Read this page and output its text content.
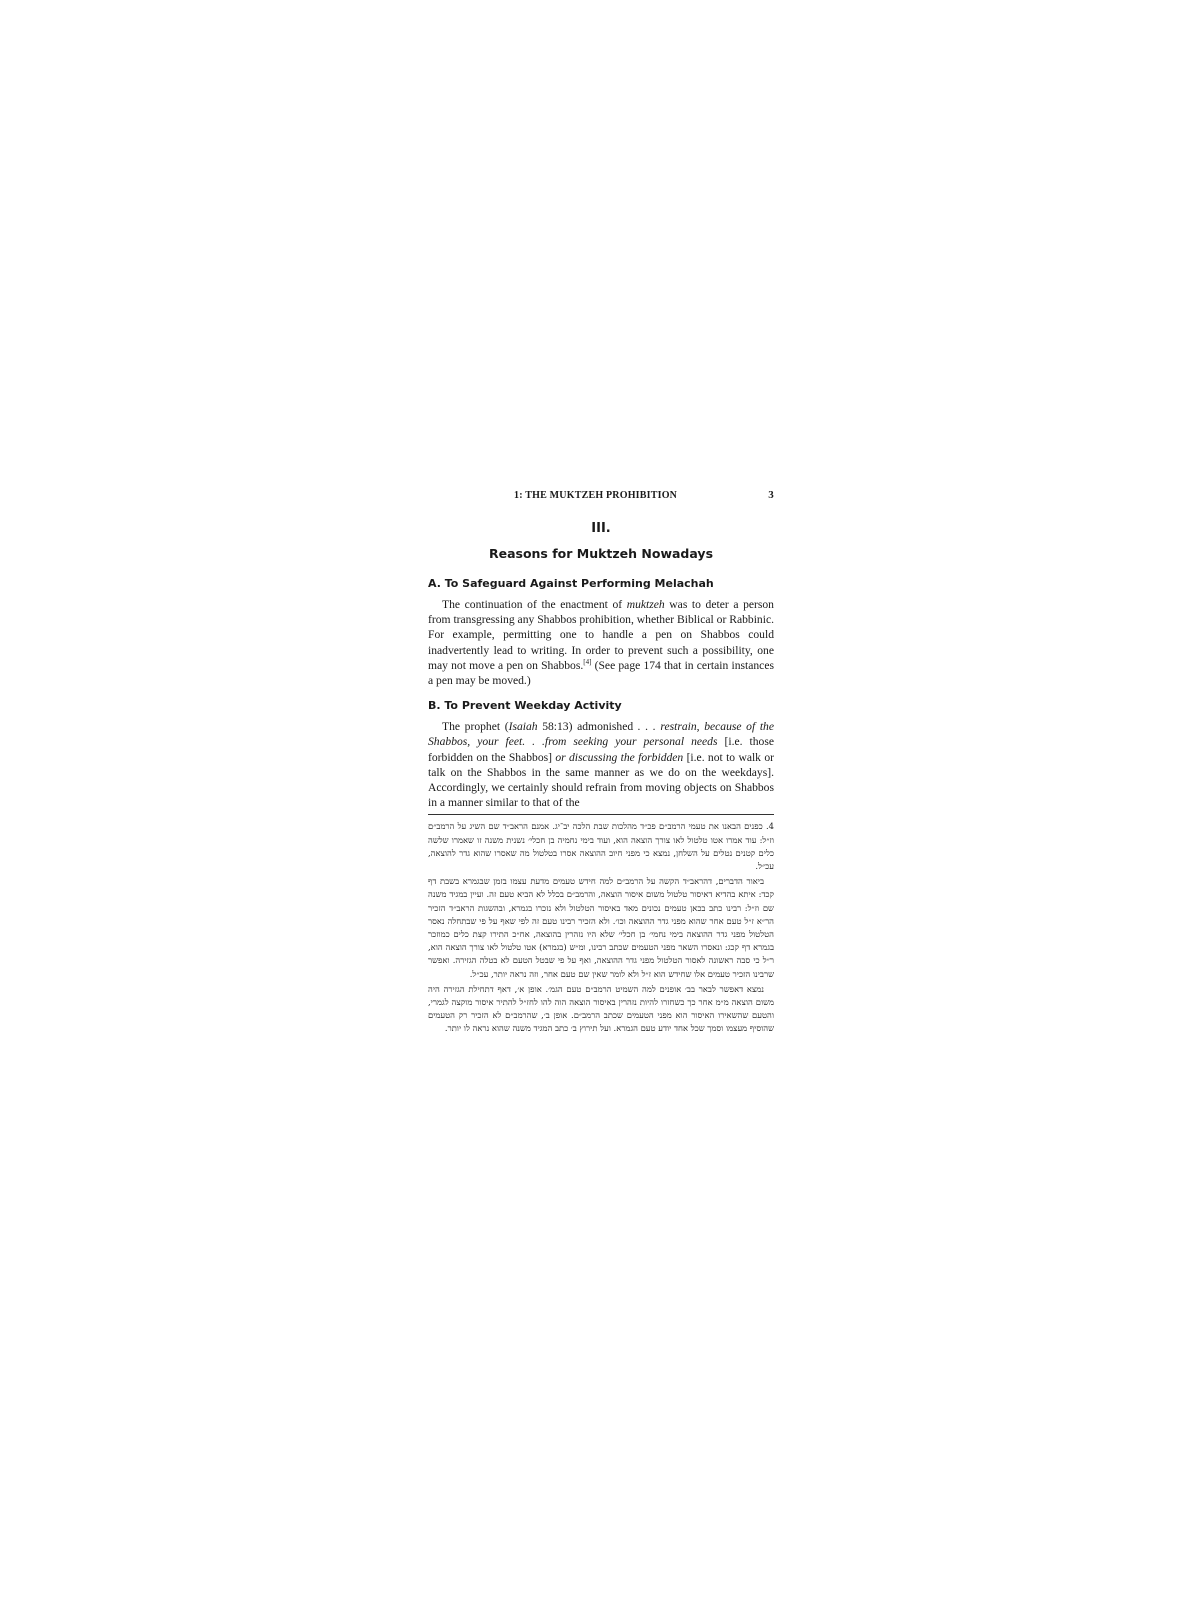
1: THE MUKTZEH PROHIBITION	3
III.
Reasons for Muktzeh Nowadays
A. To Safeguard Against Performing Melachah

The continuation of the enactment of muktzeh was to deter a person from transgressing any Shabbos prohibition, whether Biblical or Rabbinic. For example, permitting one to handle a pen on Shabbos could inadvertently lead to writing. In order to prevent such a possibility, one may not move a pen on Shabbos.[4] (See page 174 that in certain instances a pen may be moved.)

B. To Prevent Weekday Activity

The prophet (Isaiah 58:13) admonished . . . restrain, because of the Shabbos, your feet. . .from seeking your personal needs [i.e. those forbidden on the Shabbos] or discussing the forbidden [i.e. not to walk or talk on the Shabbos in the same manner as we do on the weekdays]. Accordingly, we certainly should refrain from moving objects on Shabbos in a manner similar to that of the

4. כפנים הבאנו את טעמי הרמב״ם פכ״ד מהלכות שבת הלכה יב־יג. אמנם הראב״ד שם השיג על הרמב״ם וז״ל: עוד אמרו אטו טלטול לאו צורך הוצאה הוא, ועוד בימי נחמיה בן חכלי׳ נשנית משנה זו שאמרו שלשה כלים קטנים נטלים על השלחן, נמצא כי מפני חיוב ההוצאה אסרו בטלטול מה שאסרו שהוא גדר להוצאה, עכ״ל.

ביאור הדברים, דהראב״ד הקשה על הרמב״ם למה חידש טעמים מדעת עצמו בזמן שבגמרא בשבת דף קכד: איתא בהדיא דאיסור טלטול משום איסור הוצאה, והרמב״ם בכלל לא הביא טעם זה. ועיין במגיד משנה שם וז״ל: רבינו כתב בכאן טעמים נכונים מאד באיסור הטלטול ולא נזכרו בגמרא, ובהשגות הראב״ד הזכיר הר״א ז״ל טעם אחר שהוא מפני גדר ההוצאה וכו׳. ולא הזכיר רבינו טעם זה לפי שאף על פי שבתחלה נאסר הטלטול מפני גדר ההוצאה בימי נחמי׳ בן חכלי׳ שלא היו נזהרין בהוצאה, אח״כ התירו קצת כלים כמוזכר בגמרא דף קכג: ונאסרו השאר מפני הטעמים שכתב רבינו, ומ״ש (בגמרא) אטו טלטול לאו צורך הוצאה הוא, ר״ל כי סבה ראשונה לאסור הטלטול מפני גדר ההוצאה, ואף על פי שבטל הטעם לא בטלה הגזירה. ואפשר שרבינו הזכיר טעמים אלו שחידש הוא ז״ל ולא לומר שאין שם טעם אחר, וזה נראה יותר, עכ״ל.

נמצא דאפשר לבאר בב׳ אופנים למה השמיט הרמב״ם טעם הגמ׳. אופן א׳, דאף דתחילת הגזירה היה משום הוצאה מ״מ אחר כך כשחזרו להיות נזהרין באיסור הוצאה הוה להו לחז״ל להתיר איסור מוקצה לגמרי, והטעם שהשאירו האיסור הוא מפני הטעמים שכתב הרמב״ם. אופן ב׳, שהרמב״ם לא הזכיר רק הטעמים שהוסיף מעצמו וסמך שכל אחד יודע טעם הגמרא. ועל תירוץ ב׳ כתב המגיד משנה שהוא נראה לו יותר.
